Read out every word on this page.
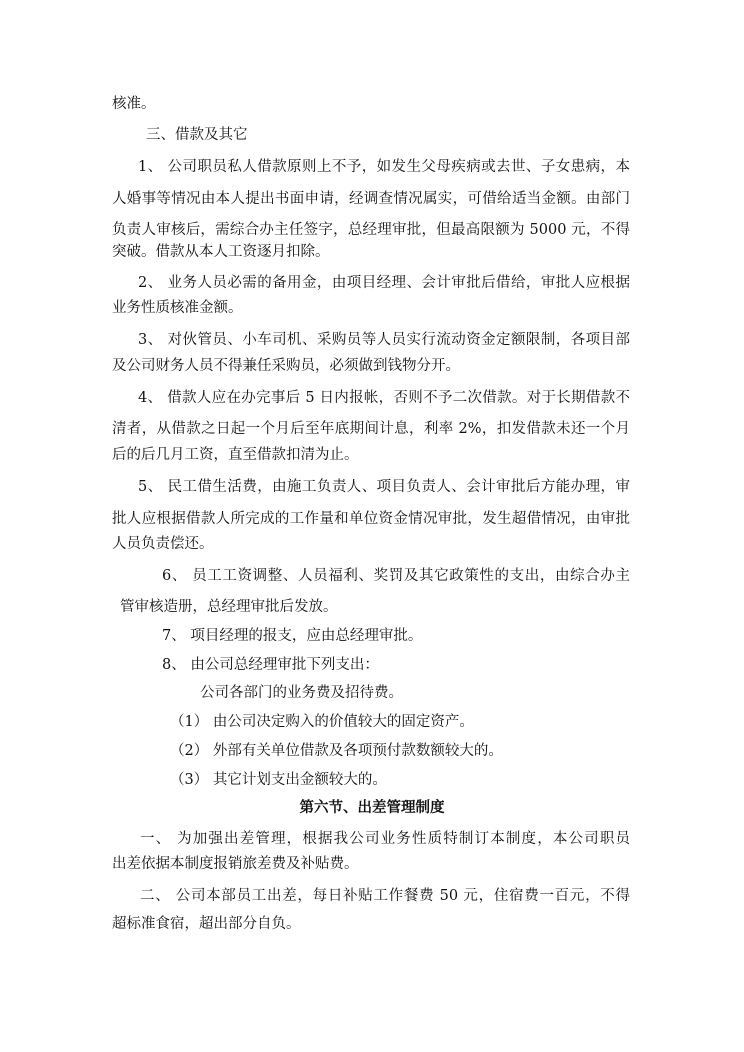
核准。
三、借款及其它
1、 公司职员私人借款原则上不予，如发生父母疾病或去世、子女患病，本
人婚事等情况由本人提出书面申请，经调查情况属实，可借给适当金额。由部门
负责人审核后，需综合办主任签字，总经理审批，但最高限额为 5000 元，不得
突破。借款从本人工资逐月扣除。
2、 业务人员必需的备用金，由项目经理、会计审批后借给，审批人应根据
业务性质核准金额。
3、 对伙管员、小车司机、采购员等人员实行流动资金定额限制，各项目部
及公司财务人员不得兼任采购员，必须做到钱物分开。
4、 借款人应在办完事后 5 日内报帐，否则不予二次借款。对于长期借款不
清者，从借款之日起一个月后至年底期间计息，利率 2%，扣发借款未还一个月
后的后几月工资，直至借款扣清为止。
5、 民工借生活费，由施工负责人、项目负责人、会计审批后方能办理，审
批人应根据借款人所完成的工作量和单位资金情况审批，发生超借情况，由审批
人员负责偿还。
6、 员工工资调整、人员福利、奖罚及其它政策性的支出，由综合办主
管审核造册，总经理审批后发放。
7、 项目经理的报支，应由总经理审批。
8、 由公司总经理审批下列支出：
公司各部门的业务费及招待费。
（1） 由公司决定购入的价值较大的固定资产。
（2） 外部有关单位借款及各项预付款数额较大的。
（3） 其它计划支出金额较大的。
第六节、出差管理制度
一、 为加强出差管理，根据我公司业务性质特制订本制度，本公司职员
出差依据本制度报销旅差费及补贴费。
二、 公司本部员工出差，每日补贴工作餐费 50 元，住宿费一百元，不得
超标准食宿，超出部分自负。
